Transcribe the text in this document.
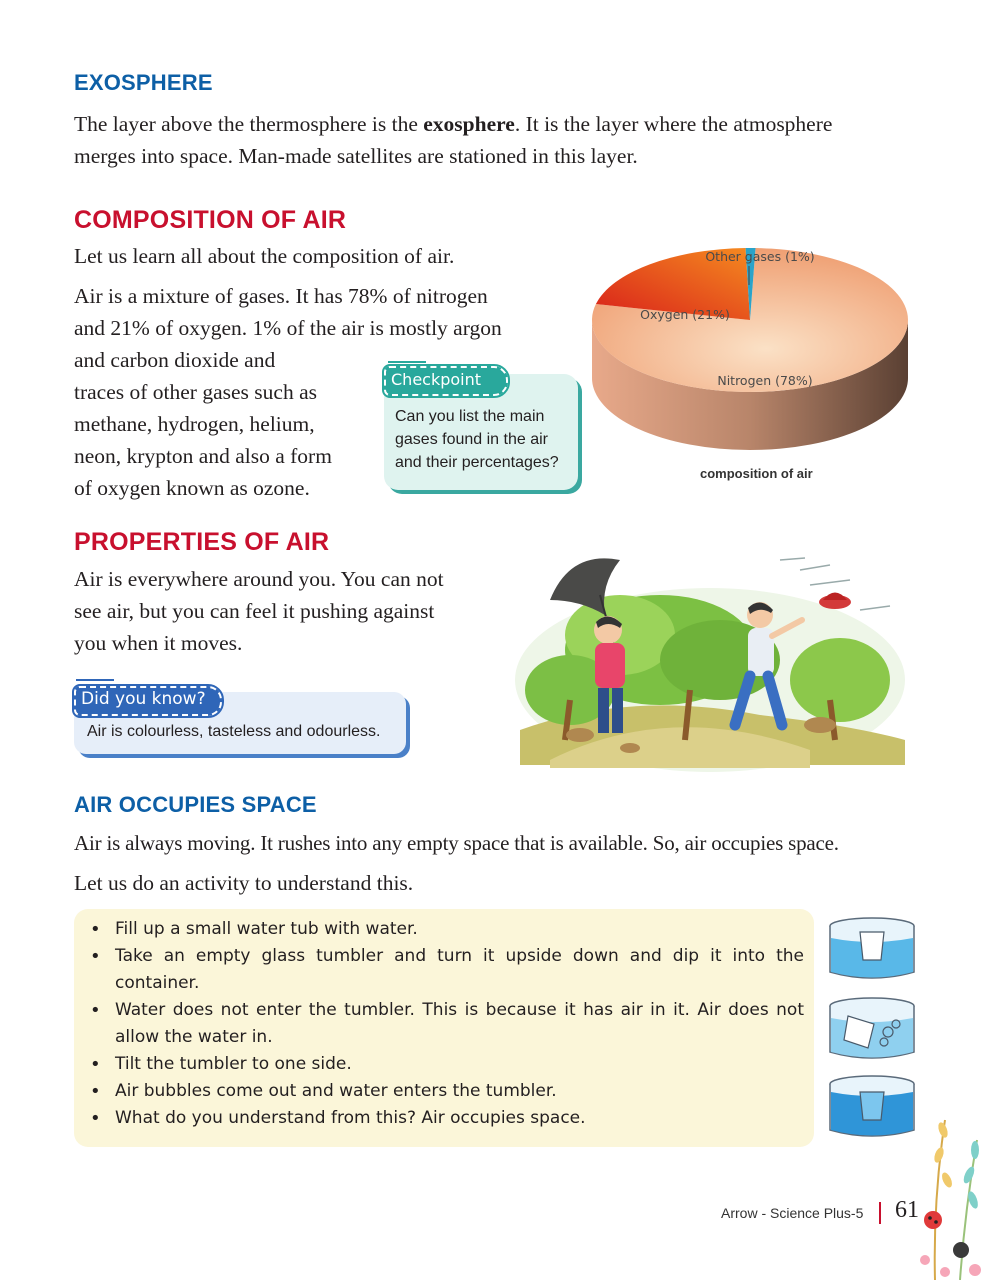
EXOSPHERE
The layer above the thermosphere is the exosphere. It is the layer where the atmosphere
merges into space. Man-made satellites are stationed in this layer.
COMPOSITION OF AIR
Let us learn all about the composition of air.
Air is a mixture of gases. It has 78% of nitrogen
and 21% of oxygen. 1% of the air is mostly argon
and carbon dioxide and
traces of other gases such as
methane, hydrogen, helium,
neon, krypton and also a form
of oxygen known as ozone.
Checkpoint
Can you list the main gases found in the air and their percentages?
Nitrogen (78%)
Oxygen (21%)
Other gases (1%)
composition of air
PROPERTIES OF AIR
Air is everywhere around you. You can not
see air, but you can feel it pushing against
you when it moves.
Did you know?
Air is colourless, tasteless and odourless.
AIR OCCUPIES SPACE
Air is always moving. It rushes into any empty space that is available. So, air occupies space.
Let us do an activity to understand this.
• Fill up a small water tub with water.
• Take an empty glass tumbler and turn it upside down and dip it into the container.
• Water does not enter the tumbler. This is because it has air in it. Air does not allow the water in.
• Tilt the tumbler to one side.
• Air bubbles come out and water enters the tumbler.
• What do you understand from this? Air occupies space.
Arrow - Science Plus-5 61
